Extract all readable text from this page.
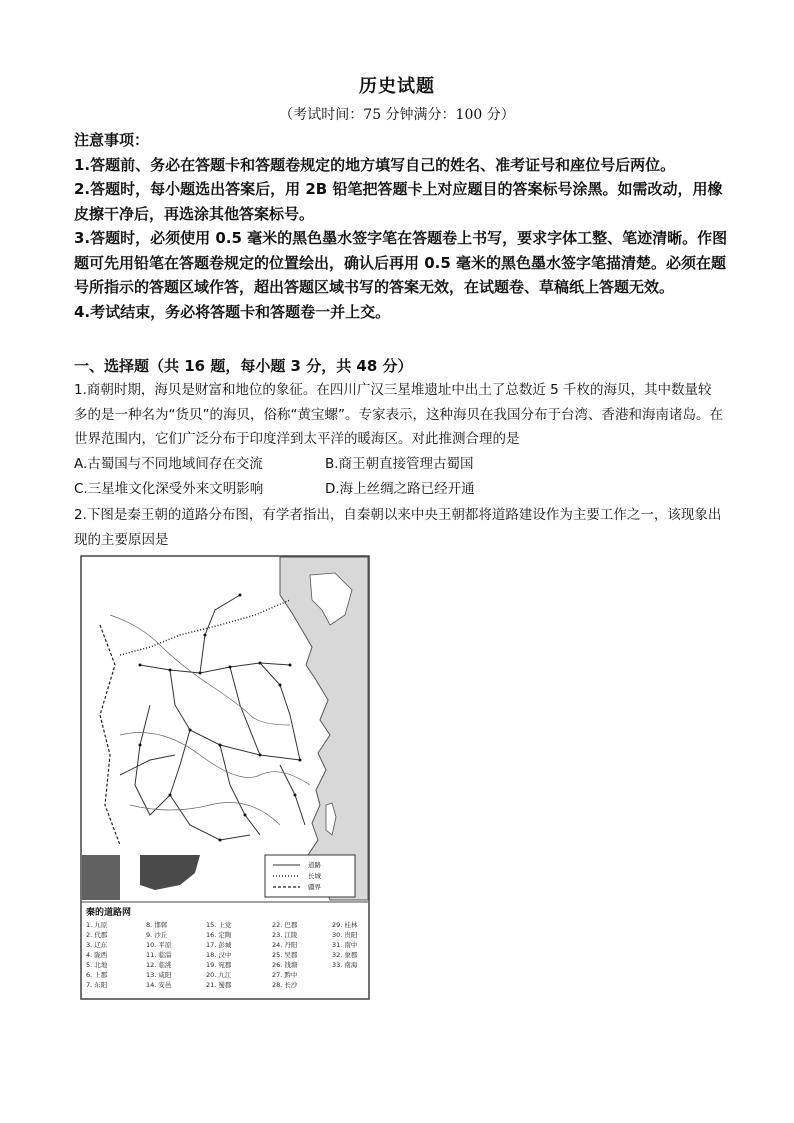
历史试题
（考试时间：75 分钟满分：100 分）

注意事项：

1.答题前、务必在答题卡和答题卷规定的地方填写自己的姓名、准考证号和座位号后两位。

2.答题时，每小题选出答案后，用 2B 铅笔把答题卡上对应题目的答案标号涂黑。如需改动，用橡皮擦干净后，再选涂其他答案标号。

3.答题时，必须使用 0.5 毫米的黑色墨水签字笔在答题卷上书写，要求字体工整、笔迹清晰。作图题可先用铅笔在答题卷规定的位置绘出，确认后再用 0.5 毫米的黑色墨水签字笔描清楚。必须在题号所指示的答题区域作答，超出答题区域书写的答案无效，在试题卷、草稿纸上答题无效。

4.考试结束，务必将答题卡和答题卷一并上交。

一、选择题（共 16 题，每小题 3 分，共 48 分）

1.商朝时期，海贝是财富和地位的象征。在四川广汉三星堆遗址中出土了总数近 5 千枚的海贝，其中数量较多的是一种名为“货贝”的海贝，俗称“黄宝螺”。专家表示，这种海贝在我国分布于台湾、香港和海南诸岛。在世界范围内，它们广泛分布于印度洋到太平洋的暖海区。对此推测合理的是

A.古蜀国与不同地域间存在交流	B.商王朝直接管理古蜀国
C.三星堆文化深受外来文明影响	D.海上丝绸之路已经开通

2.下图是秦王朝的道路分布图，有学者指出，自秦朝以来中央王朝都将道路建设作为主要工作之一，该现象出现的主要原因是

道路
长城
疆界
秦的道路网
1. 九原	8. 邯郸	15. 上党	22. 巴郡	29. 桂林
2. 代郡	9. 沙丘	16. 定陶	23. 江陵	30. 贵阳
3. 辽东	10. 平原	17. 彭城	24. 丹阳	31. 南中
4. 陇西	11. 临淄	18. 汉中	25. 吴郡	32. 象郡
5. 北地	12. 临洮	19. 宛郡	26. 钱塘	33. 南海
6. 上郡	13. 咸阳	20. 九江	27. 黔中
7. 东阳	14. 安邑	21. 蜀郡	28. 长沙
